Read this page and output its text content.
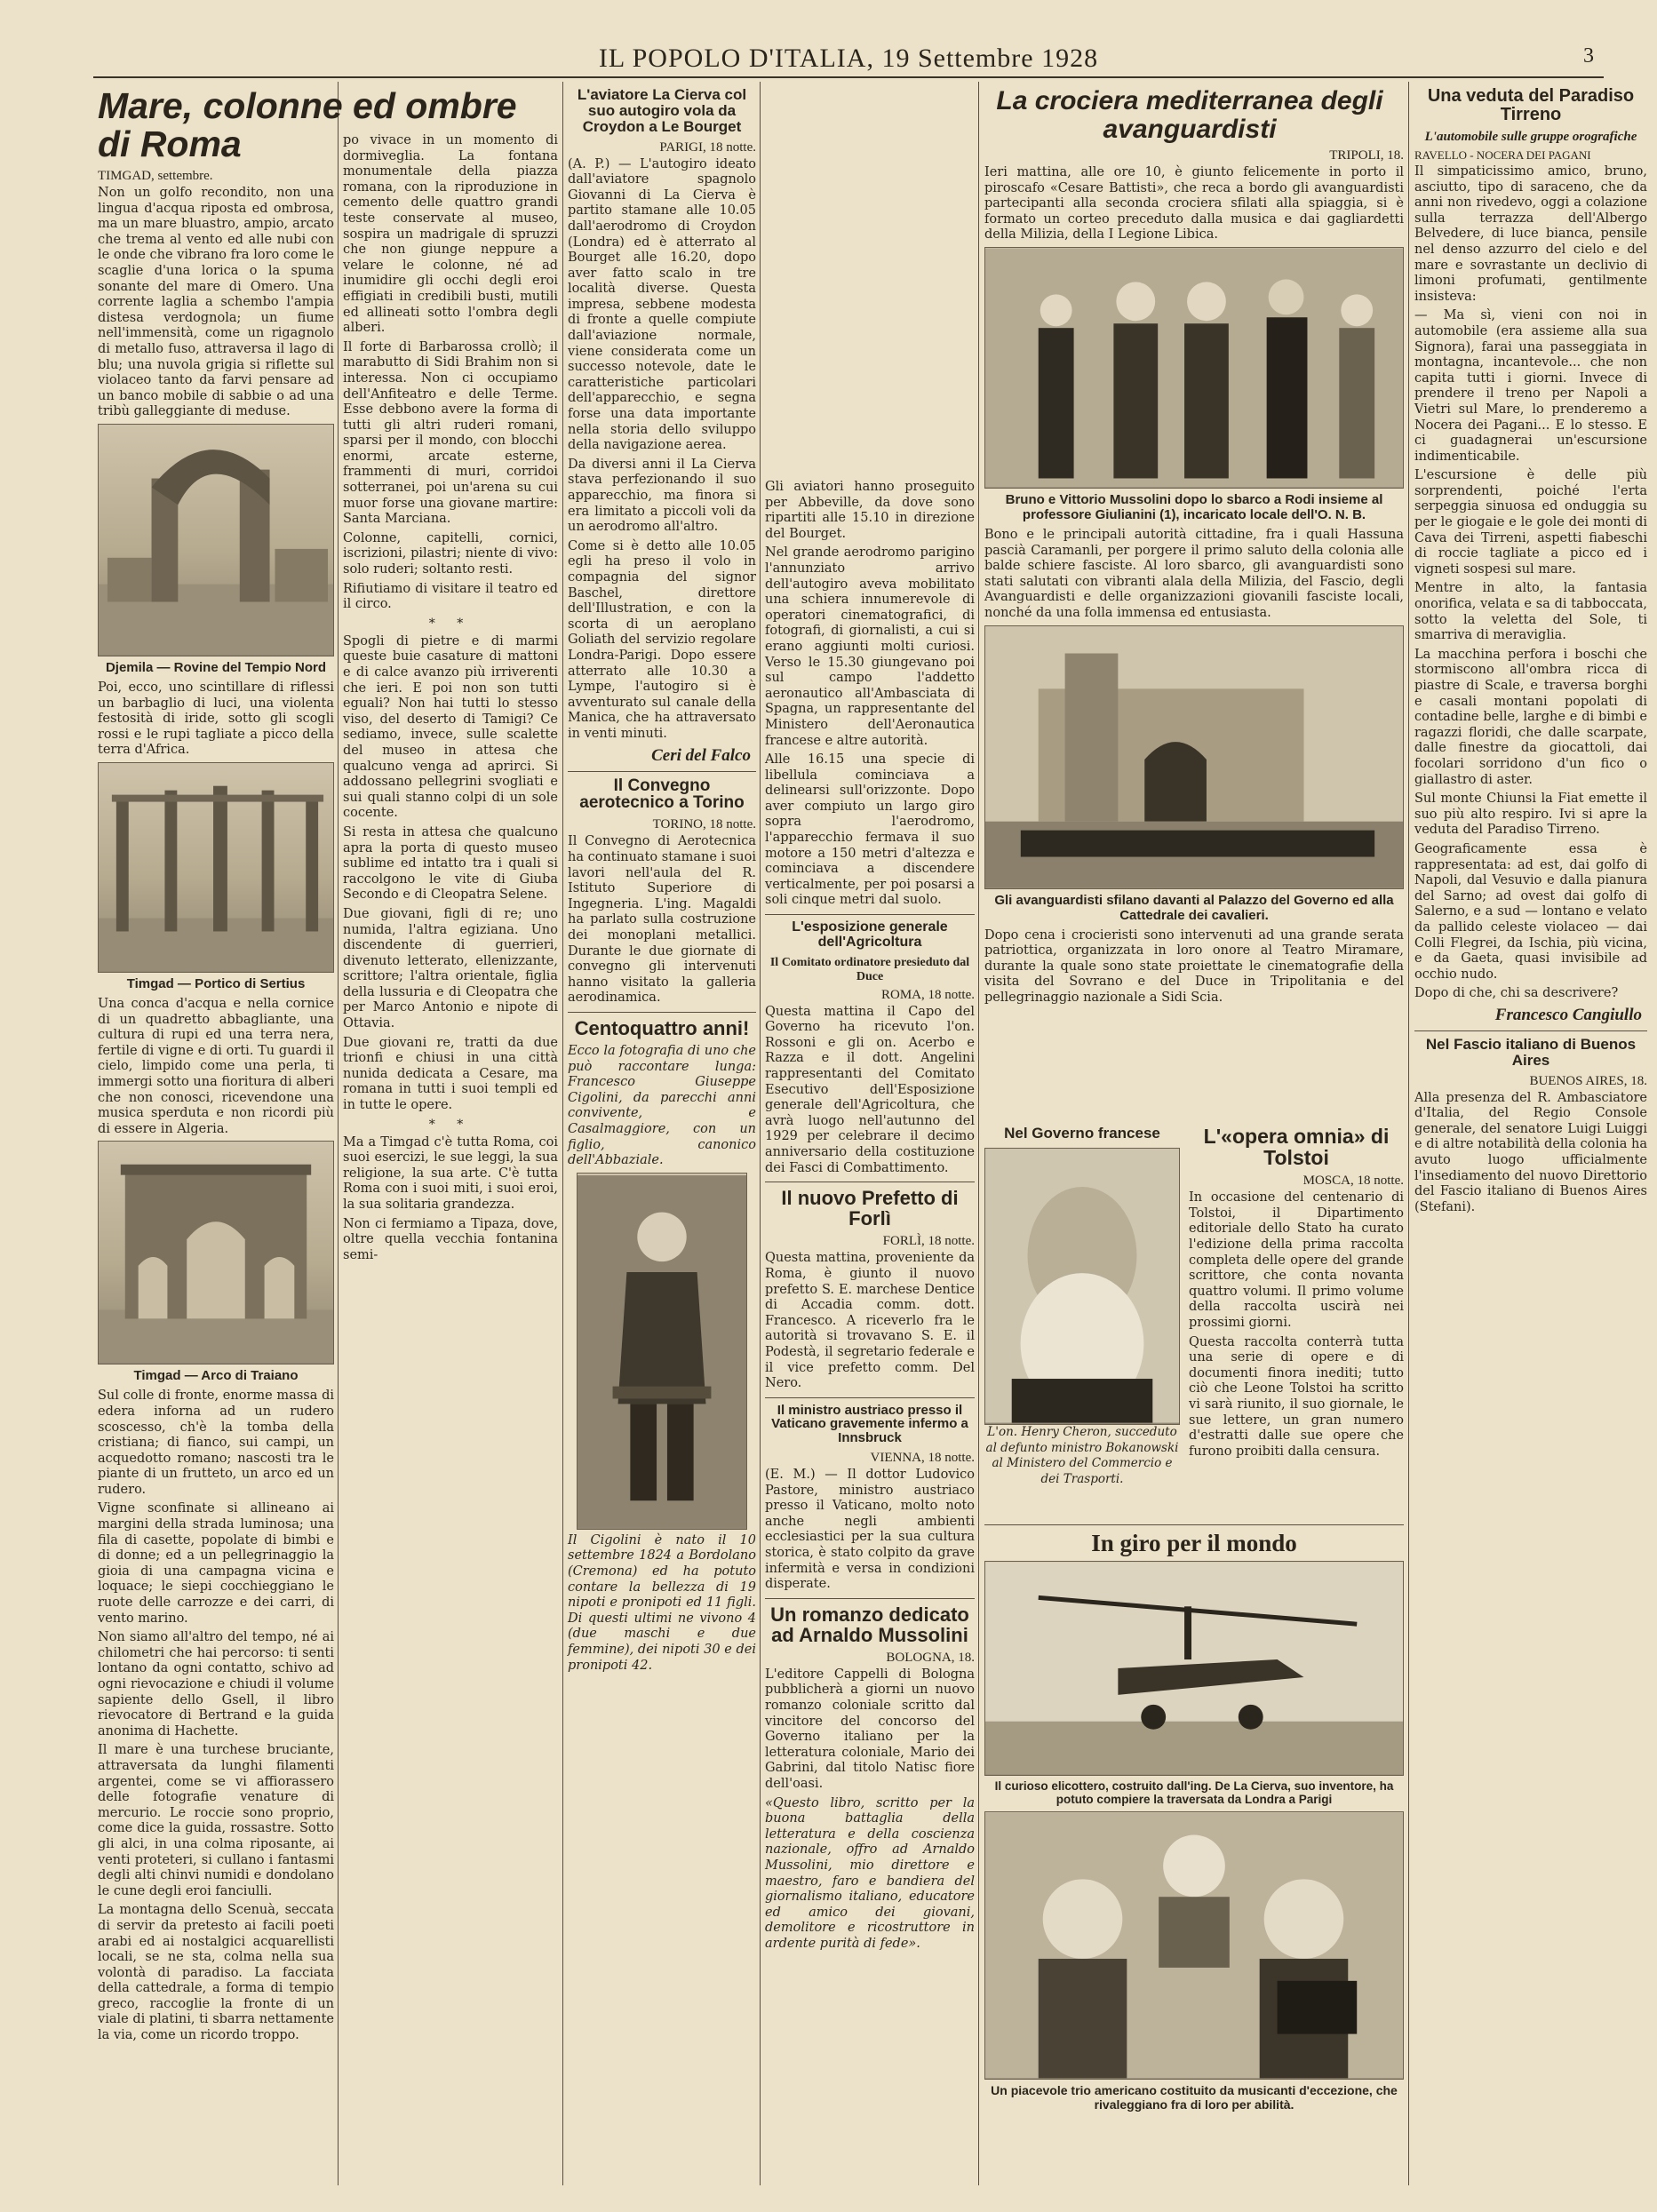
IL POPOLO D'ITALIA, 19 Settembre 1928	3
Mare, colonne ed ombre di Roma
TIMGAD, settembre.

Non un golfo recondito, non una lingua d'acqua riposta ed ombrosa, ma un mare bluastro, ampio, arcato che trema al vento ed alle nubi con le onde che vibrano fra loro come le scaglie d'una lorica o la spuma sonante del mare di Omero. Una corrente laglia a schembo l'ampia distesa verdognola; un fiume nell'immensità, come un rigagnolo di metallo fuso, attraversa il lago di blu; una nuvola grigia si riflette sul violaceo tanto da farvi pensare ad un banco mobile di sabbie o ad una tribù galleggiante di meduse.

Djemila — Rovine del Tempio Nord

Poi, ecco, uno scintillare di riflessi un barbaglio di luci, una violenta festosità di iride, sotto gli scogli rossi e le rupi tagliate a picco della terra d'Africa.

Timgad — Portico di Sertius

Una conca d'acqua e nella cornice di un quadretto abbagliante, una cultura di rupi ed una terra nera, fertile di vigne e di orti. Tu guardi il cielo, limpido come una perla, ti immergi sotto una fioritura di alberi che non conosci, ricevendone una musica sperduta e non ricordi più di essere in Algeria.

Timgad — Arco di Traiano

Sul colle di fronte, enorme massa di edera inforna ad un rudero scoscesso, ch'è la tomba della cristiana; di fianco, sui campi, un acquedotto romano; nascosti tra le piante di un frutteto, un arco ed un rudero.

Vigne sconfinate si allineano ai margini della strada luminosa; una fila di casette, popolate di bimbi e di donne; ed a un pellegrinaggio la gioia di una campagna vicina e loquace; le siepi cocchieggiano le ruote delle carrozze e dei carri, di vento marino.

Non siamo all'altro del tempo, né ai chilometri che hai percorso: ti senti lontano da ogni contatto, schivo ad ogni rievocazione e chiudi il volume sapiente dello Gsell, il libro rievocatore di Bertrand e la guida anonima di Hachette.

Il mare è una turchese bruciante, attraversata da lunghi filamenti argentei, come se vi affiorassero delle fotografie venature di mercurio. Le roccie sono proprio, come dice la guida, rossastre. Sotto gli alci, in una colma riposante, ai venti proteteri, si cullano i fantasmi degli alti chinvi numidi e dondolano le cune degli eroi fanciulli.

La montagna dello Scenuà, seccata di servir da pretesto ai facili poeti arabi ed ai nostalgici acquarellisti locali, se ne sta, colma nella sua volontà di paradiso. La facciata della cattedrale, a forma di tempio greco, raccoglie la fronte di un viale di platini, ti sbarra nettamente la via, come un ricordo troppo.

po vivace in un momento di dormiveglia. La fontana monumentale della piazza romana, con la riproduzione in cemento delle quattro grandi teste conservate al museo, sospira un madrigale di spruzzi che non giunge neppure a velare le colonne, né ad inumidire gli occhi degli eroi effigiati in credibili busti, mutili ed allineati sotto l'ombra degli alberi.

Il forte di Barbarossa crollò; il marabutto di Sidi Brahim non si interessa. Non ci occupiamo dell'Anfiteatro e delle Terme. Esse debbono avere la forma di tutti gli altri ruderi romani, sparsi per il mondo, con blocchi enormi, arcate esterne, frammenti di muri, corridoi sotterranei, poi un'arena su cui muor forse una giovane martire: Santa Marciana.

Colonne, capitelli, cornici, iscrizioni, pilastri; niente di vivo: solo ruderi; soltanto resti.

Rifiutiamo di visitare il teatro ed il circo.

* *

Spogli di pietre e di marmi queste buie casature di mattoni e di calce avanzo più irriverenti che ieri. E poi non son tutti eguali? Non hai tutti lo stesso viso, del deserto di Tamigi? Ce sediamo, invece, sulle scalette del museo in attesa che qualcuno venga ad aprirci. Si addossano pellegrini svogliati e sui quali stanno colpi di un sole cocente.

Si resta in attesa che qualcuno apra la porta di questo museo sublime ed intatto tra i quali si raccolgono le vite di Giuba Secondo e di Cleopatra Selene.

Due giovani, figli di re; uno numida, l'altra egiziana. Uno discendente di guerrieri, divenuto letterato, ellenizzante, scrittore; l'altra orientale, figlia della lussuria e di Cleopatra che per Marco Antonio e nipote di Ottavia.

Due giovani re, tratti da due trionfi e chiusi in una città nunida dedicata a Cesare, ma romana in tutti i suoi templi ed in tutte le opere.

* *

Ma a Timgad c'è tutta Roma, coi suoi esercizi, le sue leggi, la sua religione, la sua arte. C'è tutta Roma con i suoi miti, i suoi eroi, la sua solitaria grandezza.

Non ci fermiamo a Tipaza, dove, oltre quella vecchia fontanina semi-

L'aviatore La Cierva col suo autogiro vola da Croydon a Le Bourget
PARIGI, 18 notte.

(A. P.) — L'autogiro ideato dall'aviatore spagnolo Giovanni di La Cierva è partito stamane alle 10.05 dall'aerodromo di Croydon (Londra) ed è atterrato al Bourget alle 16.20, dopo aver fatto scalo in tre località diverse. Questa impresa, sebbene modesta di fronte a quelle compiute dall'aviazione normale, viene considerata come un successo notevole, date le caratteristiche particolari dell'apparecchio, e segna forse una data importante nella storia dello sviluppo della navigazione aerea.

Da diversi anni il La Cierva stava perfezionando il suo apparecchio, ma finora si era limitato a piccoli voli da un aerodromo all'altro.

Come si è detto alle 10.05 egli ha preso il volo in compagnia del signor Baschel, direttore dell'Illustration, e con la scorta di un aeroplano Goliath del servizio regolare Londra-Parigi. Dopo essere atterrato alle 10.30 a Lympe, l'autogiro si è avventurato sul canale della Manica, che ha attraversato in venti minuti.

Ceri del Falco
Il Convegno aerotecnico a Torino
TORINO, 18 notte.

Il Convegno di Aerotecnica ha continuato stamane i suoi lavori nell'aula del R. Istituto Superiore di Ingegneria. L'ing. Magaldi ha parlato sulla costruzione dei monoplani metallici. Durante le due giornate di convegno gli intervenuti hanno visitato la galleria aerodinamica.

Centoquattro anni!

Ecco la fotografia di uno che può raccontare lunga: Francesco Giuseppe Cigolini, da parecchi anni convivente, e Casalmaggiore, con un figlio, canonico dell'Abbaziale.

Il Cigolini è nato il 10 settembre 1824 a Bordolano (Cremona) ed ha potuto contare la bellezza di 19 nipoti e pronipoti ed 11 figli. Di questi ultimi ne vivono 4 (due maschi e due femmine), dei nipoti 30 e dei pronipoti 42.

Gli aviatori hanno proseguito per Abbeville, da dove sono ripartiti alle 15.10 in direzione del Bourget.

Nel grande aerodromo parigino l'annunziato arrivo dell'autogiro aveva mobilitato una schiera innumerevole di operatori cinematografici, di fotografi, di giornalisti, a cui si erano aggiunti molti curiosi. Verso le 15.30 giungevano poi sul campo l'addetto aeronautico all'Ambasciata di Spagna, un rappresentante del Ministero dell'Aeronautica francese e altre autorità.

Alle 16.15 una specie di libellula cominciava a delinearsi sull'orizzonte. Dopo aver compiuto un largo giro sopra l'aerodromo, l'apparecchio fermava il suo motore a 150 metri d'altezza e cominciava a discendere verticalmente, per poi posarsi a soli cinque metri dal suolo.

L'esposizione generale dell'Agricoltura
Il Comitato ordinatore presieduto dal Duce
ROMA, 18 notte.

Questa mattina il Capo del Governo ha ricevuto l'on. Rossoni e gli on. Acerbo e Razza e il dott. Angelini rappresentanti del Comitato Esecutivo dell'Esposizione generale dell'Agricoltura, che avrà luogo nell'autunno del 1929 per celebrare il decimo anniversario della costituzione dei Fasci di Combattimento.

Il nuovo Prefetto di Forlì
FORLÌ, 18 notte.

Questa mattina, proveniente da Roma, è giunto il nuovo prefetto S. E. marchese Dentice di Accadia comm. dott. Francesco. A riceverlo fra le autorità si trovavano S. E. il Podestà, il segretario federale e il vice prefetto comm. Del Nero.

Il ministro austriaco presso il Vaticano gravemente infermo a Innsbruck
VIENNA, 18 notte.

(E. M.) — Il dottor Ludovico Pastore, ministro austriaco presso il Vaticano, molto noto anche negli ambienti ecclesiastici per la sua cultura storica, è stato colpito da grave infermità e versa in condizioni disperate.

Un romanzo dedicato ad Arnaldo Mussolini
BOLOGNA, 18.

L'editore Cappelli di Bologna pubblicherà a giorni un nuovo romanzo coloniale scritto dal vincitore del concorso del Governo italiano per la letteratura coloniale, Mario dei Gabrini, dal titolo Natisc fiore dell'oasi.

«Questo libro, scritto per la buona battaglia della letteratura e della coscienza nazionale, offro ad Arnaldo Mussolini, mio direttore e maestro, faro e bandiera del giornalismo italiano, educatore ed amico dei giovani, demolitore e ricostruttore in ardente purità di fede».

La crociera mediterranea degli avanguardisti
TRIPOLI, 18.

Ieri mattina, alle ore 10, è giunto felicemente in porto il piroscafo «Cesare Battisti», che reca a bordo gli avanguardisti partecipanti alla seconda crociera sfilati alla spiaggia, si è formato un corteo preceduto dalla musica e dai gagliardetti della Milizia, della I Legione Libica.

Bruno e Vittorio Mussolini dopo lo sbarco a Rodi insieme al professore Giulianini (1), incaricato locale dell'O. N. B.

Bono e le principali autorità cittadine, fra i quali Hassuna pascià Caramanli, per porgere il primo saluto della colonia alle balde schiere fasciste. Al loro sbarco, gli avanguardisti sono stati salutati con vibranti alala della Milizia, del Fascio, degli Avanguardisti e delle organizzazioni giovanili fasciste locali, nonché da una folla immensa ed entusiasta.

Gli avanguardisti sfilano davanti al Palazzo del Governo ed alla Cattedrale dei cavalieri.

Dopo cena i crocieristi sono intervenuti ad una grande serata patriottica, organizzata in loro onore al Teatro Miramare, durante la quale sono state proiettate le cinematografie della visita del Sovrano e del Duce in Tripolitania e del pellegrinaggio nazionale a Sidi Scia.

Nel Governo francese

L'on. Henry Cheron, succeduto al defunto ministro Bokanowski al Ministero del Commercio e dei Trasporti.

L'«opera omnia» di Tolstoi
MOSCA, 18 notte.

In occasione del centenario di Tolstoi, il Dipartimento editoriale dello Stato ha curato l'edizione della prima raccolta completa delle opere del grande scrittore, che conta novanta quattro volumi. Il primo volume della raccolta uscirà nei prossimi giorni.

Questa raccolta conterrà tutta una serie di opere e di documenti finora inediti; tutto ciò che Leone Tolstoi ha scritto vi sarà riunito, il suo giornale, le sue lettere, un gran numero d'estratti dalle sue opere che furono proibiti dalla censura.

In giro per il mondo
Il curioso elicottero, costruito dall'ing. De La Cierva, suo inventore, ha potuto compiere la traversata da Londra a Parigi
Un piacevole trio americano costituito da musicanti d'eccezione, che rivaleggiano fra di loro per abilità.
Una veduta del Paradiso Tirreno
L'automobile sulle gruppe orografiche
RAVELLO - NOCERA DEI PAGANI

Il simpaticissimo amico, bruno, asciutto, tipo di saraceno, che da anni non rivedevo, oggi a colazione sulla terrazza dell'Albergo Belvedere, di luce bianca, pensile nel denso azzurro del cielo e del mare e sovrastante un declivio di limoni profumati, gentilmente insisteva:

— Ma sì, vieni con noi in automobile (era assieme alla sua Signora), farai una passeggiata in montagna, incantevole... che non capita tutti i giorni. Invece di prendere il treno per Napoli a Vietri sul Mare, lo prenderemo a Nocera dei Pagani... E lo stesso. E ci guadagnerai un'escursione indimenticabile.

L'escursione è delle più sorprendenti, poiché l'erta serpeggia sinuosa ed onduggia su per le giogaie e le gole dei monti di Cava dei Tirreni, aspetti fiabeschi di roccie tagliate a picco ed i vigneti sospesi sul mare.

Mentre in alto, la fantasia onorifica, velata e sa di tabboccata, sotto la veletta del Sole, ti smarriva di meraviglia.

La macchina perfora i boschi che stormiscono all'ombra ricca di piastre di Scale, e traversa borghi e casali montani popolati di contadine belle, larghe e di bimbi e ragazzi floridi, che dalle scarpate, dalle finestre da giocattoli, dai focolari sorridono d'un fico o giallastro di aster.

Sul monte Chiunsi la Fiat emette il suo più alto respiro. Ivi si apre la veduta del Paradiso Tirreno.

Geograficamente essa è rappresentata: ad est, dai golfo di Napoli, dal Vesuvio e dalla pianura del Sarno; ad ovest dai golfo di Salerno, e a sud — lontano e velato da pallido celeste violaceo — dai Colli Flegrei, da Ischia, più vicina, e da Gaeta, quasi invisibile ad occhio nudo.

Dopo di che, chi sa descrivere?

Francesco Cangiullo
Nel Fascio italiano di Buenos Aires
BUENOS AIRES, 18.

Alla presenza del R. Ambasciatore d'Italia, del Regio Console generale, del senatore Luigi Luiggi e di altre notabilità della colonia ha avuto luogo ufficialmente l'insediamento del nuovo Direttorio del Fascio italiano di Buenos Aires (Stefani).
